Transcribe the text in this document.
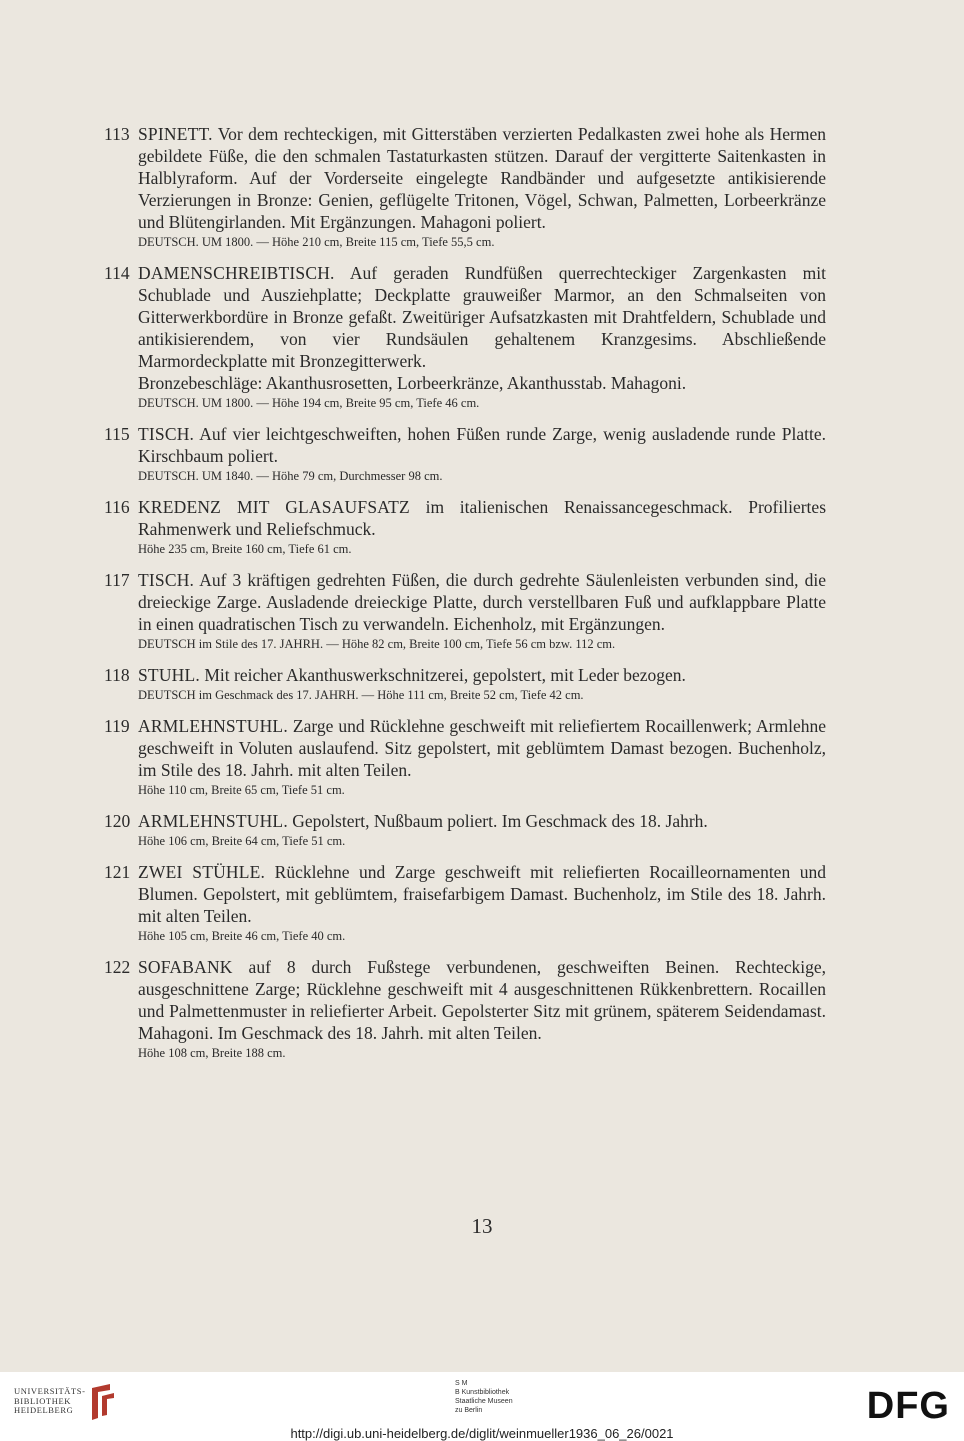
113 SPINETT. Vor dem rechteckigen, mit Gitterstäben verzierten Pedalkasten zwei hohe als Hermen gebildete Füße, die den schmalen Tastaturkasten stützen. Darauf der vergitterte Saitenkasten in Halblyraform. Auf der Vorderseite eingelegte Randbänder und aufgesetzte antikisierende Verzierungen in Bronze: Genien, geflügelte Tritonen, Vögel, Schwan, Palmetten, Lorbeerkränze und Blütengirlanden. Mit Ergänzungen. Mahagoni poliert.
DEUTSCH. UM 1800. — Höhe 210 cm, Breite 115 cm, Tiefe 55,5 cm.
114 DAMENSCHREIBTISCH. Auf geraden Rundfüßen querrechteckiger Zargenkasten mit Schublade und Ausziehplatte; Deckplatte grauweißer Marmor, an den Schmalseiten von Gitterwerkbordüre in Bronze gefaßt. Zweitüriger Aufsatzkasten mit Drahtfeldern, Schublade und antikisierendem, von vier Rundsäulen gehaltenem Kranzgesims. Abschließende Marmordeckplatte mit Bronzegitterwerk.
Bronzebeschläge: Akanthusrosetten, Lorbeerkränze, Akanthusstab. Mahagoni.
DEUTSCH. UM 1800. — Höhe 194 cm, Breite 95 cm, Tiefe 46 cm.
115 TISCH. Auf vier leichtgeschweiften, hohen Füßen runde Zarge, wenig ausladende runde Platte. Kirschbaum poliert.
DEUTSCH. UM 1840. — Höhe 79 cm, Durchmesser 98 cm.
116 KREDENZ MIT GLASAUFSATZ im italienischen Renaissancegeschmack. Profiliertes Rahmenwerk und Reliefschmuck.
Höhe 235 cm, Breite 160 cm, Tiefe 61 cm.
117 TISCH. Auf 3 kräftigen gedrehten Füßen, die durch gedrehte Säulenleisten verbunden sind, die dreieckige Zarge. Ausladende dreieckige Platte, durch verstellbaren Fuß und aufklappbare Platte in einen quadratischen Tisch zu verwandeln. Eichenholz, mit Ergänzungen.
DEUTSCH im Stile des 17. JAHRH. — Höhe 82 cm, Breite 100 cm, Tiefe 56 cm bzw. 112 cm.
118 STUHL. Mit reicher Akanthuswerkschnitzerei, gepolstert, mit Leder bezogen.
DEUTSCH im Geschmack des 17. JAHRH. — Höhe 111 cm, Breite 52 cm, Tiefe 42 cm.
119 ARMLEHNSTUHL. Zarge und Rücklehne geschweift mit reliefiertem Rocaillenwerk; Armlehne geschweift in Voluten auslaufend. Sitz gepolstert, mit geblümtem Damast bezogen. Buchenholz, im Stile des 18. Jahrh. mit alten Teilen.
Höhe 110 cm, Breite 65 cm, Tiefe 51 cm.
120 ARMLEHNSTUHL. Gepolstert, Nußbaum poliert. Im Geschmack des 18. Jahrh.
Höhe 106 cm, Breite 64 cm, Tiefe 51 cm.
121 ZWEI STÜHLE. Rücklehne und Zarge geschweift mit reliefierten Rocailleornamenten und Blumen. Gepolstert, mit geblümtem, fraisefarbigem Damast. Buchenholz, im Stile des 18. Jahrh. mit alten Teilen.
Höhe 105 cm, Breite 46 cm, Tiefe 40 cm.
122 SOFABANK auf 8 durch Fußstege verbundenen, geschweiften Beinen. Rechteckige, ausgeschnittene Zarge; Rücklehne geschweift mit 4 ausgeschnittenen Rükkenbrettern. Rocaillen und Palmettenmuster in reliefierter Arbeit. Gepolsterter Sitz mit grünem, späterem Seidendamast. Mahagoni. Im Geschmack des 18. Jahrh. mit alten Teilen.
Höhe 108 cm, Breite 188 cm.
13
UNIVERSITÄTS-
BIBLIOTHEK
HEIDELBERG
S M
B Kunstbibliothek
Staatliche Museen
zu Berlin	DFG
http://digi.ub.uni-heidelberg.de/diglit/weinmueller1936_06_26/0021
